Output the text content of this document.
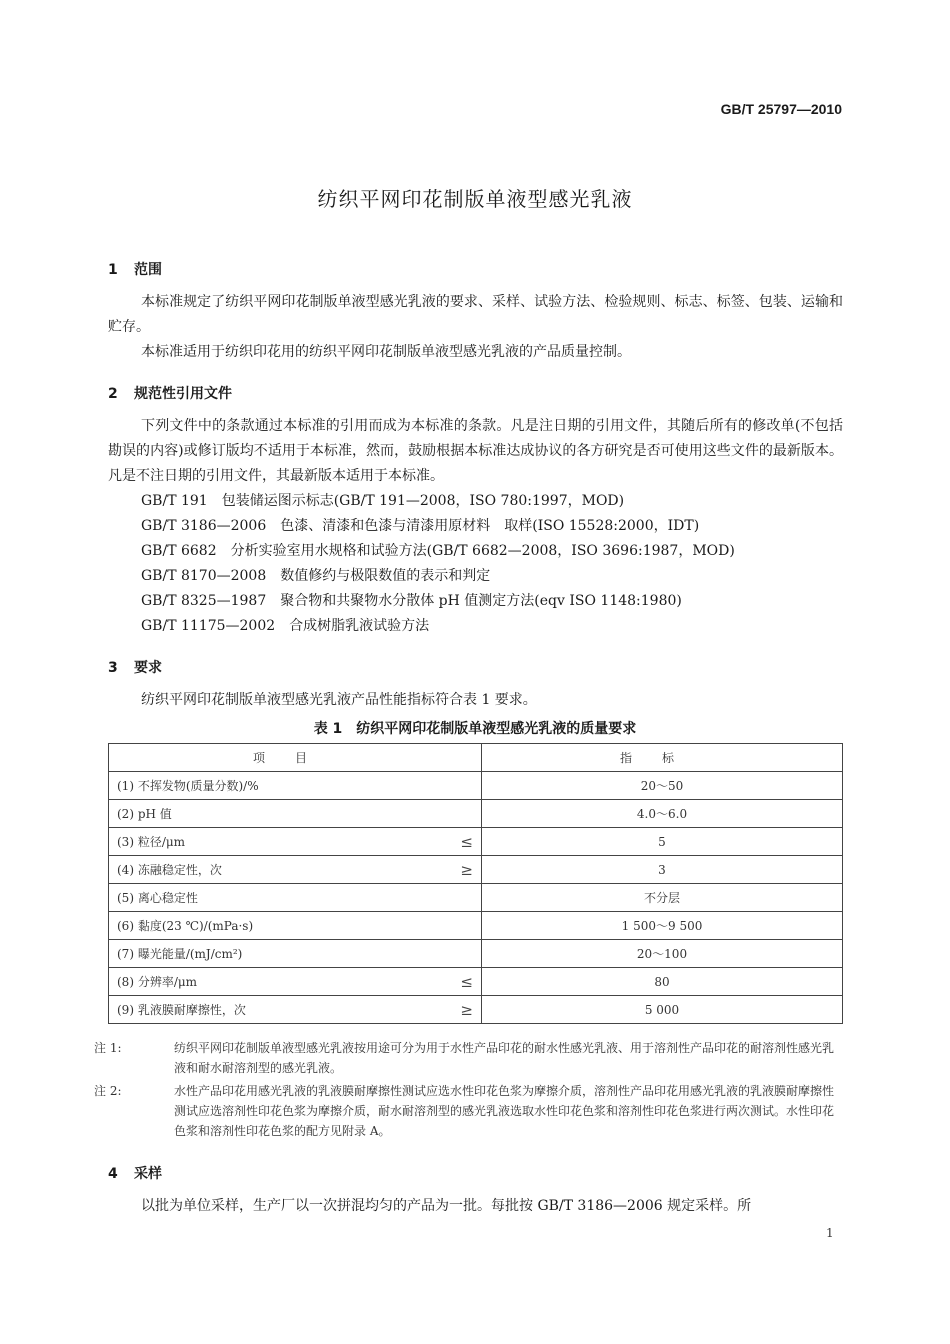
GB/T 25797—2010
纺织平网印花制版单液型感光乳液
1 范围
本标准规定了纺织平网印花制版单液型感光乳液的要求、采样、试验方法、检验规则、标志、标签、包装、运输和贮存。
本标准适用于纺织印花用的纺织平网印花制版单液型感光乳液的产品质量控制。
2 规范性引用文件
下列文件中的条款通过本标准的引用而成为本标准的条款。凡是注日期的引用文件，其随后所有的修改单(不包括勘误的内容)或修订版均不适用于本标准，然而，鼓励根据本标准达成协议的各方研究是否可使用这些文件的最新版本。凡是不注日期的引用文件，其最新版本适用于本标准。
GB/T 191　包装储运图示标志(GB/T 191—2008，ISO 780:1997，MOD)
GB/T 3186—2006　色漆、清漆和色漆与清漆用原材料　取样(ISO 15528:2000，IDT)
GB/T 6682　分析实验室用水规格和试验方法(GB/T 6682—2008，ISO 3696:1987，MOD)
GB/T 8170—2008　数值修约与极限数值的表示和判定
GB/T 8325—1987　聚合物和共聚物水分散体 pH 值测定方法(eqv ISO 1148:1980)
GB/T 11175—2002　合成树脂乳液试验方法
3 要求
纺织平网印花制版单液型感光乳液产品性能指标符合表 1 要求。
表 1　纺织平网印花制版单液型感光乳液的质量要求
项目	指标

(1) 不挥发物(质量分数)/%	20～50

(2) pH 值	4.0～6.0

(3) 粒径/μm ≤	5

(4) 冻融稳定性，次 ≥	3

(5) 离心稳定性	不分层

(6) 黏度(23 ℃)/(mPa·s)	1 500～9 500

(7) 曝光能量/(mJ/cm²)	20～100

(8) 分辨率/μm ≤	80

(9) 乳液膜耐摩擦性，次 ≥	5 000
注 1:	纺织平网印花制版单液型感光乳液按用途可分为用于水性产品印花的耐水性感光乳液、用于溶剂性产品印花的耐溶剂性感光乳液和耐水耐溶剂型的感光乳液。
注 2:	水性产品印花用感光乳液的乳液膜耐摩擦性测试应选水性印花色浆为摩擦介质，溶剂性产品印花用感光乳液的乳液膜耐摩擦性测试应选溶剂性印花色浆为摩擦介质，耐水耐溶剂型的感光乳液选取水性印花色浆和溶剂性印花色浆进行两次测试。水性印花色浆和溶剂性印花色浆的配方见附录 A。
4 采样
以批为单位采样，生产厂以一次拼混均匀的产品为一批。每批按 GB/T 3186—2006 规定采样。所
1
